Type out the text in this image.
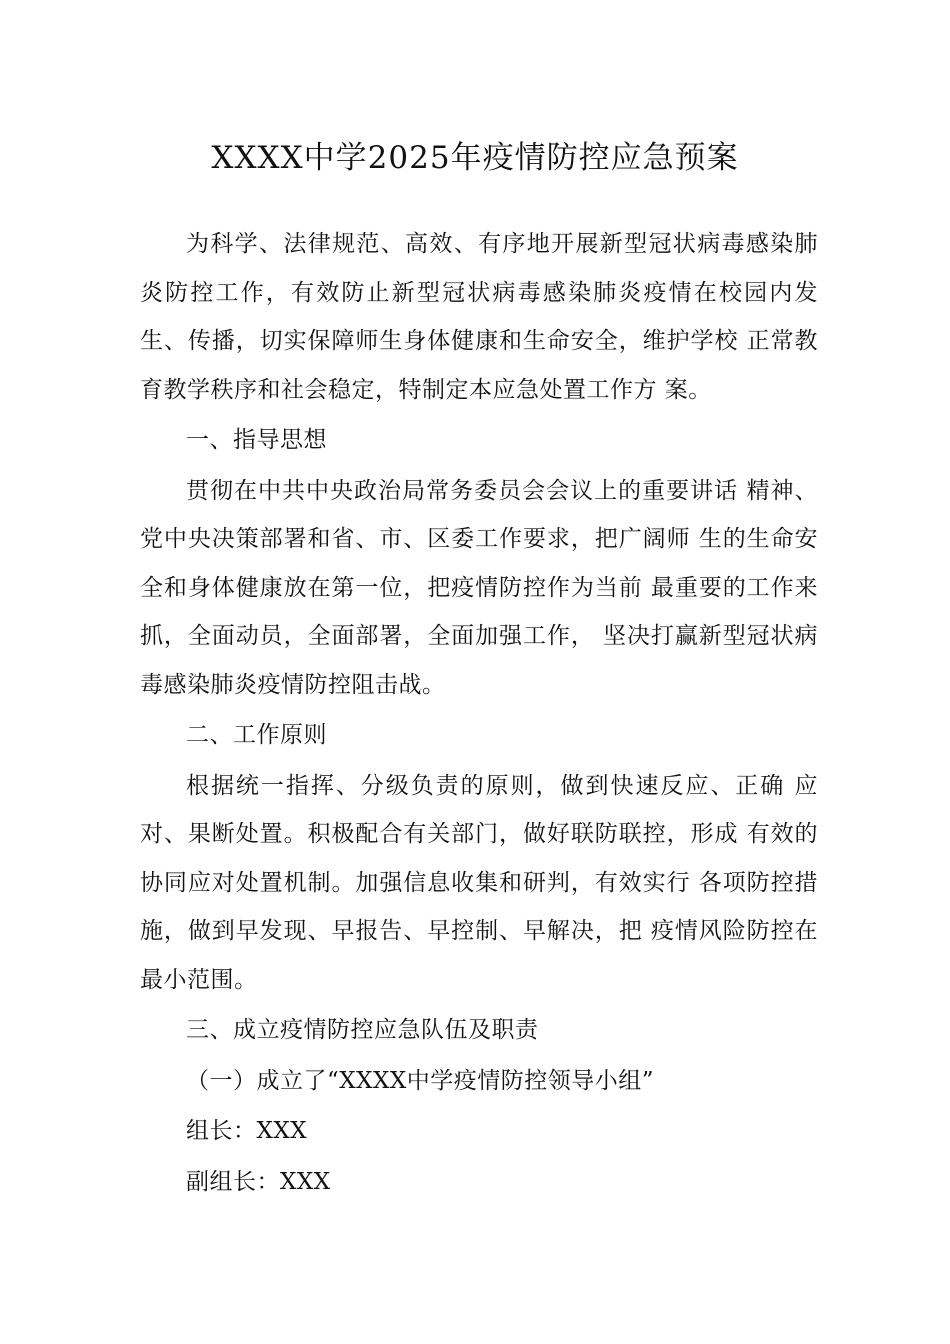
XXXX中学2025年疫情防控应急预案

为科学、法律规范、高效、有序地开展新型冠状病毒感染肺 炎防控工作，有效防止新型冠状病毒感染肺炎疫情在校园内发生、传播，切实保障师生身体健康和生命安全，维护学校 正常教育教学秩序和社会稳定，特制定本应急处置工作方 案。

一、指导思想

贯彻在中共中央政治局常务委员会会议上的重要讲话 精神、党中央决策部署和省、市、区委工作要求，把广阔师 生的生命安全和身体健康放在第一位，把疫情防控作为当前 最重要的工作来抓，全面动员，全面部署，全面加强工作， 坚决打赢新型冠状病毒感染肺炎疫情防控阻击战。

二、工作原则

根据统一指挥、分级负责的原则，做到快速反应、正确 应对、果断处置。积极配合有关部门，做好联防联控，形成 有效的协同应对处置机制。加强信息收集和研判，有效实行 各项防控措施，做到早发现、早报告、早控制、早解决，把 疫情风险防控在最小范围。

三、成立疫情防控应急队伍及职责

（一）成立了“XXXX中学疫情防控领导小组”

组长：XXX

副组长：XXX
